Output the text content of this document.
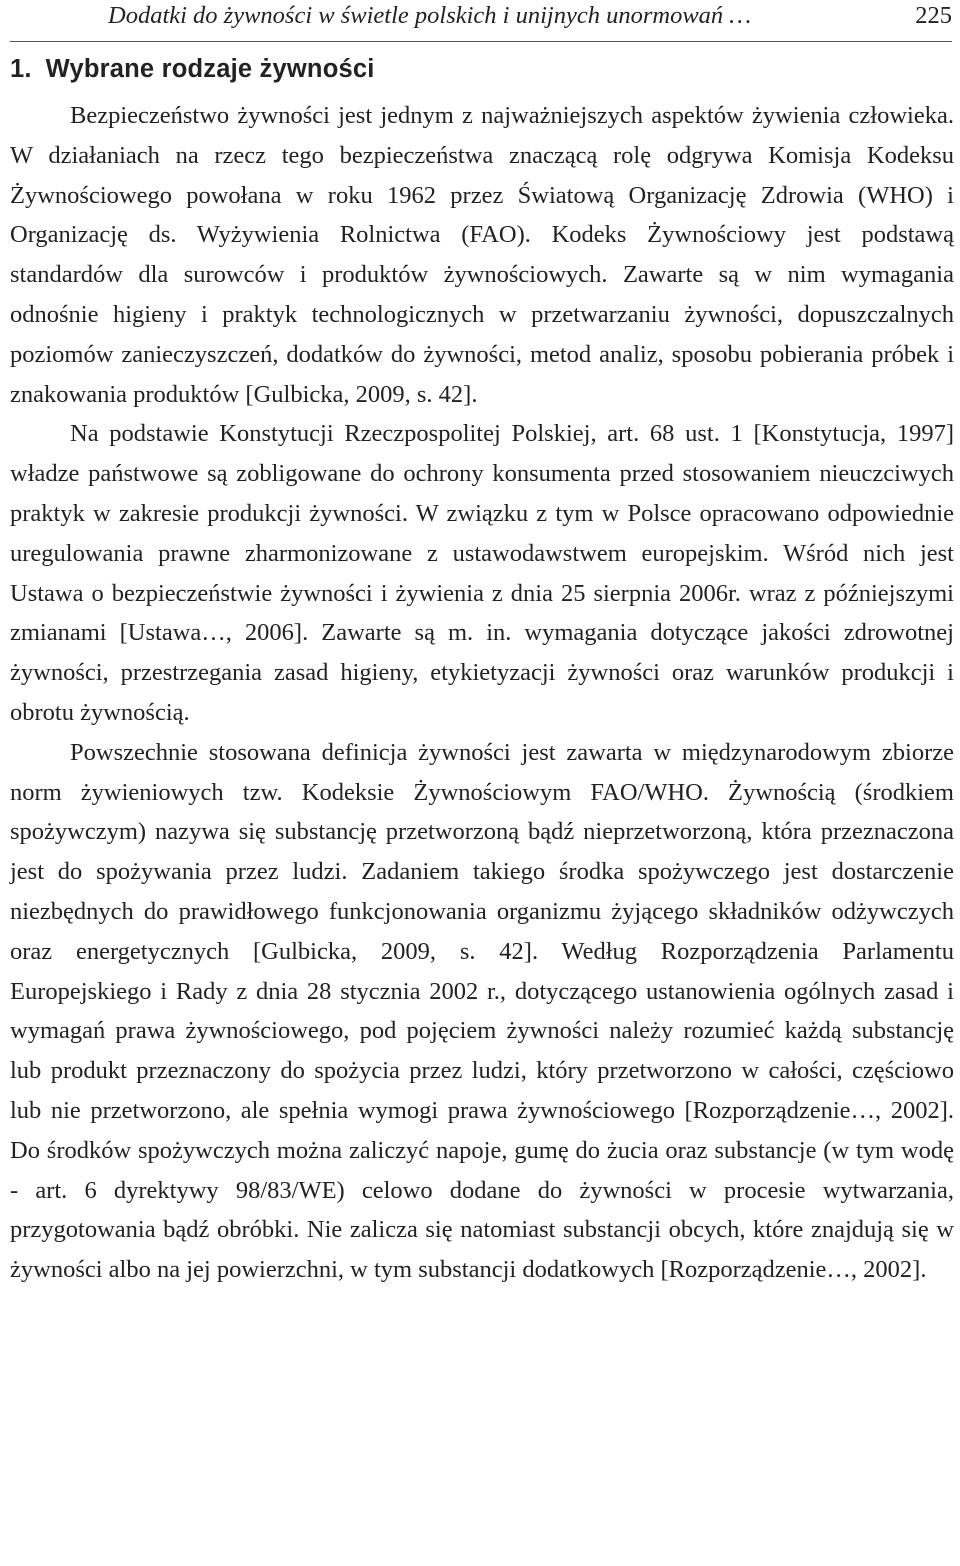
Dodatki do żywności w świetle polskich i unijnych unormowań …	225
1. Wybrane rodzaje żywności

Bezpieczeństwo żywności jest jednym z najważniejszych aspektów żywienia człowieka. W działaniach na rzecz tego bezpieczeństwa znaczącą rolę odgrywa Komisja Kodeksu Żywnościowego powołana w roku 1962 przez Światową Organizację Zdrowia (WHO) i Organizację ds. Wyżywienia Rolnictwa (FAO). Kodeks Żywnościowy jest podstawą standardów dla surowców i produktów żywnościowych. Zawarte są w nim wymagania odnośnie higieny i praktyk technologicznych w przetwarzaniu żywności, dopuszczalnych poziomów zanieczyszczeń, dodatków do żywności, metod analiz, sposobu pobierania próbek i znakowania produktów [Gulbicka, 2009, s. 42].

Na podstawie Konstytucji Rzeczpospolitej Polskiej, art. 68 ust. 1 [Konstytucja, 1997] władze państwowe są zobligowane do ochrony konsumenta przed stosowaniem nieuczciwych praktyk w zakresie produkcji żywności. W związku z tym w Polsce opracowano odpowiednie uregulowania prawne zharmonizowane z ustawodawstwem europejskim. Wśród nich jest Ustawa o bezpieczeństwie żywności i żywienia z dnia 25 sierpnia 2006r. wraz z późniejszymi zmianami [Ustawa…, 2006]. Zawarte są m. in. wymagania dotyczące jakości zdrowotnej żywności, przestrzegania zasad higieny, etykietyzacji żywności oraz warunków produkcji i obrotu żywnością.

Powszechnie stosowana definicja żywności jest zawarta w międzynarodowym zbiorze norm żywieniowych tzw. Kodeksie Żywnościowym FAO/WHO. Żywnością (środkiem spożywczym) nazywa się substancję przetworzoną bądź nieprzetworzoną, która przeznaczona jest do spożywania przez ludzi. Zadaniem takiego środka spożywczego jest dostarczenie niezbędnych do prawidłowego funkcjonowania organizmu żyjącego składników odżywczych oraz energetycznych [Gulbicka, 2009, s. 42]. Według Rozporządzenia Parlamentu Europejskiego i Rady z dnia 28 stycznia 2002 r., dotyczącego ustanowienia ogólnych zasad i wymagań prawa żywnościowego, pod pojęciem żywności należy rozumieć każdą substancję lub produkt przeznaczony do spożycia przez ludzi, który przetworzono w całości, częściowo lub nie przetworzono, ale spełnia wymogi prawa żywnościowego [Rozporządzenie…, 2002]. Do środków spożywczych można zaliczyć napoje, gumę do żucia oraz substancje (w tym wodę - art. 6 dyrektywy 98/83/WE) celowo dodane do żywności w procesie wytwarzania, przygotowania bądź obróbki. Nie zalicza się natomiast substancji obcych, które znajdują się w żywności albo na jej powierzchni, w tym substancji dodatkowych [Rozporządzenie…, 2002].
